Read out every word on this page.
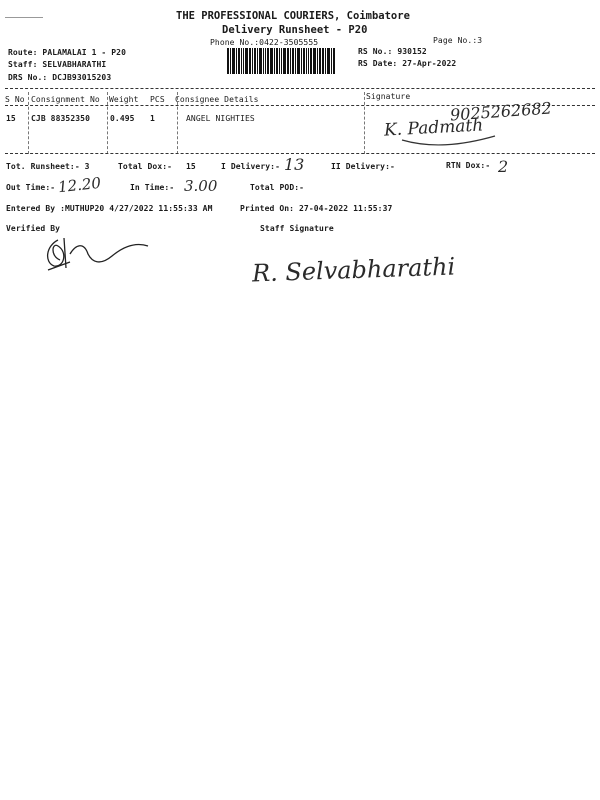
THE PROFESSIONAL COURIERS, Coimbatore
Delivery Runsheet - P20
Phone No.:0422-3505555	Page No.:3
Route: PALAMALAI 1 - P20
Staff: SELVABHARATHI
DRS No.: DCJB93015203
RS No.: 930152
RS Date: 27-Apr-2022
S No Consignment No Weight PCS Consignee Details	Signature
15 CJB 88352350	0.495 1	ANGEL NIGHTIES	9025262682
K. Padmath
Tot. Runsheet:- 3	Total Dox:- 15	I Delivery:- 13	II Delivery:-	RTN Dox:- 2
Out Time:- 12.20	In Time:- 3.00	Total POD:-
Entered By :MUTHUP20 4/27/2022 11:55:33 AM	Printed On: 27-04-2022 11:55:37
Verified By	Staff Signature
R. Selvabharathi
